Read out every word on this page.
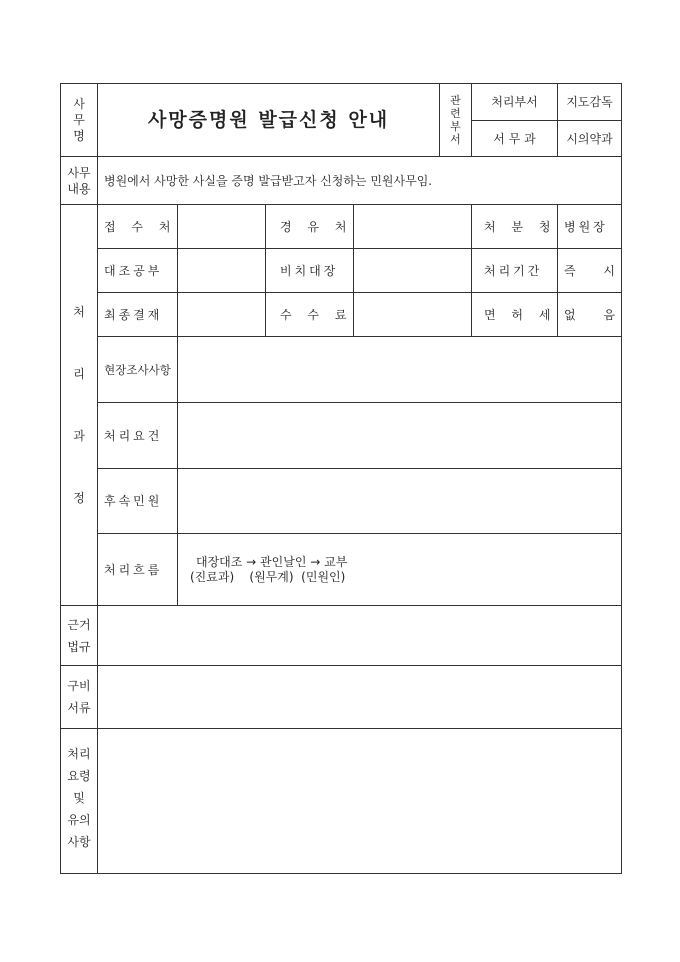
사
무
명	사망증명원 발급신청 안내				관
련
부
서	처리부서	지도감독
						서 무 과	시의약과

사무
내용	병원에서 사망한 사실을 증명 발급받고자 신청하는 민원사무임.						

처
리
과
정	접 수 처		경 유 처			처 분 청	병원장
	대조공부		비치대장			처리기간	즉 시

	최종결재		수 수 료			면 허 세	없 음

	현장조사사항						
	처리요건						
	후속민원						
	처리흐름	대장대조 → 관인날인 → 교부
(진료과)    (원무계)  (민원인)					

근거
법규							

구비
서류							

처리
요령
및
유의
사항							
